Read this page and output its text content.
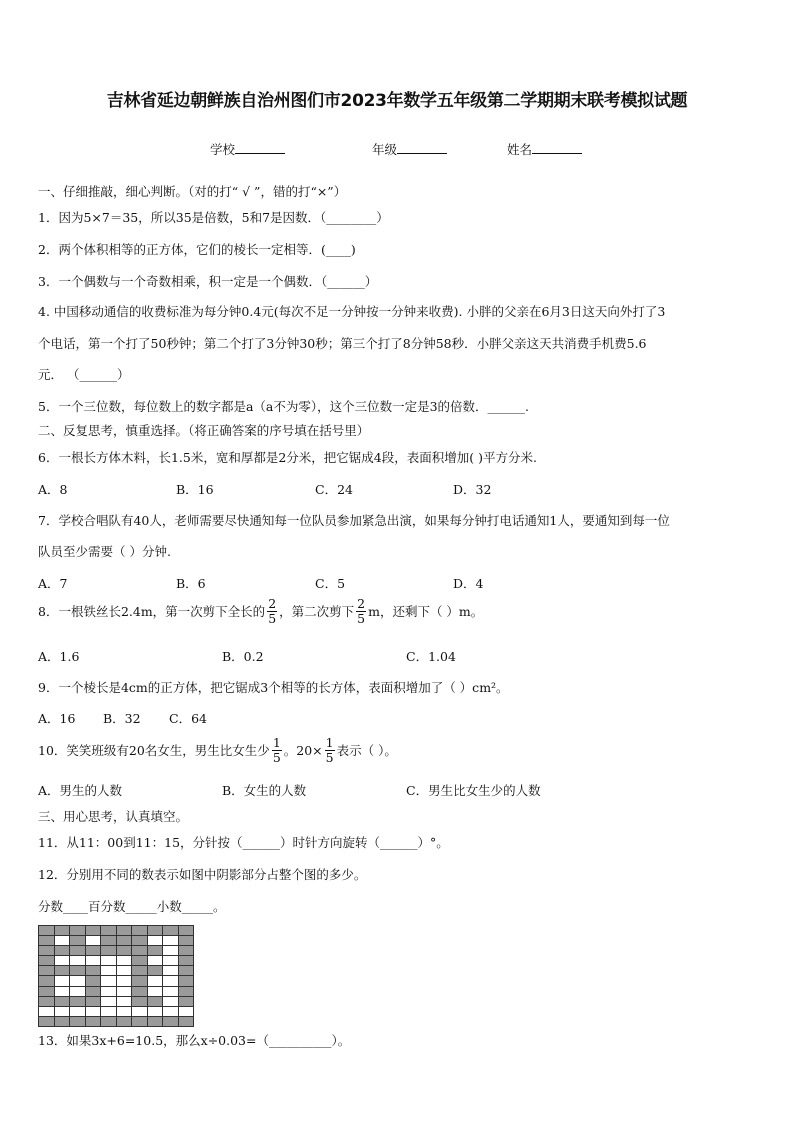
吉林省延边朝鲜族自治州图们市2023年数学五年级第二学期期末联考模拟试题
学校	年级	姓名
一、仔细推敲，细心判断。（对的打“ √ ”，错的打“×”）
1．因为5×7＝35，所以35是倍数，5和7是因数．（________）
2．两个体积相等的正方体，它们的棱长一定相等．(____)
3．一个偶数与一个奇数相乘，积一定是一个偶数．（______）
4. 中国移动通信的收费标准为每分钟0.4元(每次不足一分钟按一分钟来收费). 小胖的父亲在6月3日这天向外打了3
个电话，第一个打了50秒钟；第二个打了3分钟30秒；第三个打了8分钟58秒．小胖父亲这天共消费手机费5.6
元． （______）
5．一个三位数，每位数上的数字都是a（a不为零），这个三位数一定是3的倍数．______.
二、反复思考，慎重选择。（将正确答案的序号填在括号里）
6．一根长方体木料，长1.5米，宽和厚都是2分米，把它锯成4段，表面积增加( )平方分米.
A．8	B．16	C．24	D．32
7．学校合唱队有40人，老师需要尽快通知每一位队员参加紧急出演，如果每分钟打电话通知1人，要通知到每一位
队员至少需要（ ）分钟.
A．7	B．6	C．5	D．4
8．一根铁丝长2.4m，第一次剪下全长的 $\frac{2}{5}$ ，第二次剪下 $\frac{2}{5}$ m，还剩下（ ）m。
A．1.6	B．0.2	C．1.04
9．一个棱长是4cm的正方体，把它锯成3个相等的长方体，表面积增加了（ ）cm²。
A．16 B．32 C．64
10．笑笑班级有20名女生，男生比女生少 $\frac{1}{5}$ 。$20\times \frac{1}{5}$ 表示（ ）。
A．男生的人数	B．女生的人数	C．男生比女生少的人数
三、用心思考，认真填空。
11．从11：00到11：15，分针按（______）时针方向旋转（______）°。
12．分别用不同的数表示如图中阴影部分占整个图的多少。
分数____百分数_____小数_____。

13．如果3x+6=10.5，那么x÷0.03=（__________）。
